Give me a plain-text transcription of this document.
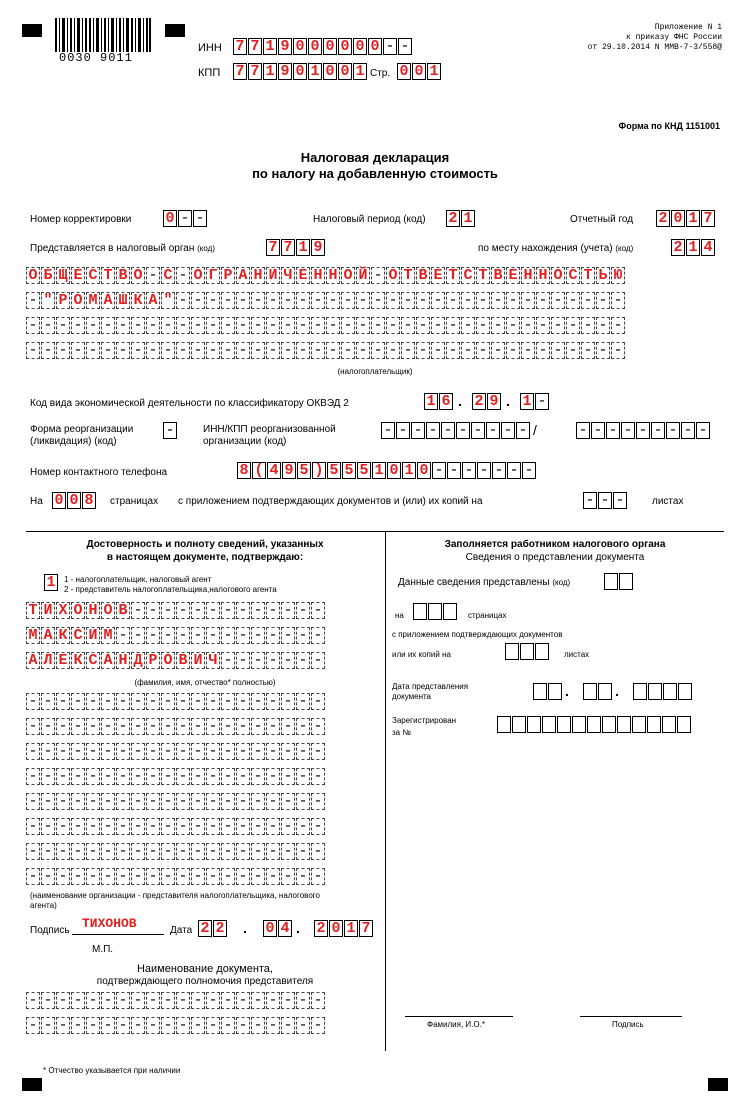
0030 9011
ИНН 7 7 1 9 0 0 0 0 0 0 - -
КПП 7 7 1 9 0 1 0 0 1 Стр. 0 0 1
Приложение N 1
к приказу ФНС России
от 29.10.2014 N ММВ-7-3/558@
Форма по КНД 1151001
Налоговая декларация
по налогу на добавленную стоимость
Номер корректировки 0 - -	Налоговый период (код) 2 1	Отчетный год 2 0 1 7
Представляется в налоговый орган (код)	7 7 1 9	по месту нахождения (учета) (код)	2 1 4
О Б Щ Е С Т В О - С - О Г Р А Н И Ч Е Н Н О Й - О Т В Е Т С Т В Е Н Н О С Т Ь Ю
- " Р О М А Ш К А " - - - - - - - - - - - - - - - - - - - - - - - - - - - - - -
- - - - - - - - - - - - - - - - - - - - - - - - - - - - - - - - - - - - - - - -
- - - - - - - - - - - - - - - - - - - - - - - - - - - - - - - - - - - - - - - -
(налогоплательщик)
Код вида экономической деятельности по классификатору ОКВЭД 2	1 6 . 2 9 . 1 -
Форма реорганизации
(ликвидация) (код)
-	ИНН/КПП реорганизованной
организации (код)
- - - - - - - - - - /	- - - - - - - - -
Номер контактного телефона	8 ( 4 9 5 ) 5 5 5 1 0 1 0 - - - - - - -
На 0 0 8 страницах с приложением подтверждающих документов и (или) их копий на	- - -	листах
Достоверность и полноту сведений, указанных
в настоящем документе, подтверждаю:
1	1 - налогоплательщик, налоговый агент
2 - представитель налогоплательщика,налогового агента
Т И Х О Н О В - - - - - - - - - - - - -
М А К С И М - - - - - - - - - - - - - -
А Л Е К С А Н Д Р О В И Ч - - - - - - -
(фамилия, имя, отчество* полностью)
- - - - - - - - - - - - - - - - - - - -
- - - - - - - - - - - - - - - - - - - -
- - - - - - - - - - - - - - - - - - - -
- - - - - - - - - - - - - - - - - - - -
- - - - - - - - - - - - - - - - - - - -
- - - - - - - - - - - - - - - - - - - -
- - - - - - - - - - - - - - - - - - - -
- - - - - - - - - - - - - - - - - - - -
(наименование организации - представителя налогоплательщика, налогового
агента)
Подпись ТИХОНОВ	Дата 2 2 . 0 4 . 2 0 1 7
М.П.
Наименование документа,
подтверждающего полномочия представителя
- - - - - - - - - - - - - - - - - - - -
- - - - - - - - - - - - - - - - - - - -
Заполняется работником налогового органа
Сведения о представлении документа
Данные сведения представлены (код)
на	страницах
с приложением подтверждающих документов
или их копий на	листах
Дата представления
документа	.	.
Зарегистрирован
за №
Фамилия, И.О.*	Подпись
* Отчество указывается при наличии
